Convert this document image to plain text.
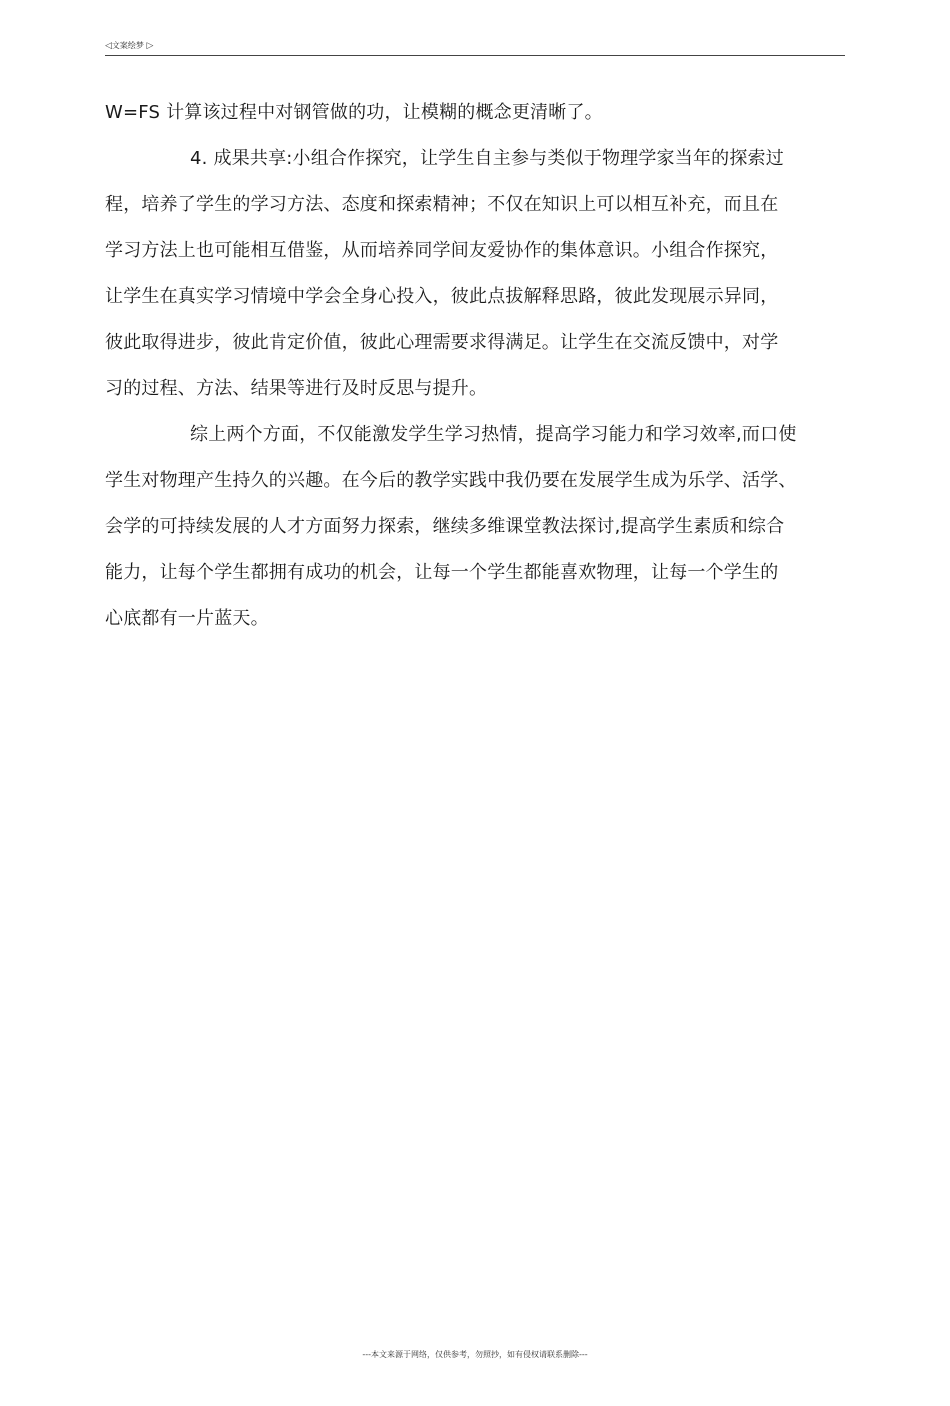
◁文案绘梦 ▷
W=FS 计算该过程中对钢管做的功，让模糊的概念更清晰了。
4. 成果共享:小组合作探究，让学生自主参与类似于物理学家当年的探索过
程，培养了学生的学习方法、态度和探索精神；不仅在知识上可以相互补充，而且在
学习方法上也可能相互借鉴，从而培养同学间友爱协作的集体意识。小组合作探究，
让学生在真实学习情境中学会全身心投入，彼此点拔解释思路，彼此发现展示异同，
彼此取得进步，彼此肯定价值，彼此心理需要求得满足。让学生在交流反馈中，对学
习的过程、方法、结果等进行及时反思与提升。
综上两个方面，不仅能激发学生学习热情，提高学习能力和学习效率,而口使
学生对物理产生持久的兴趣。在今后的教学实践中我仍要在发展学生成为乐学、活学、
会学的可持续发展的人才方面努力探索，继续多维课堂教法探讨,提高学生素质和综合
能力，让每个学生都拥有成功的机会，让每一个学生都能喜欢物理，让每一个学生的
心底都有一片蓝天。
---本文来源于网络，仅供参考，勿照抄，如有侵权请联系删除---
